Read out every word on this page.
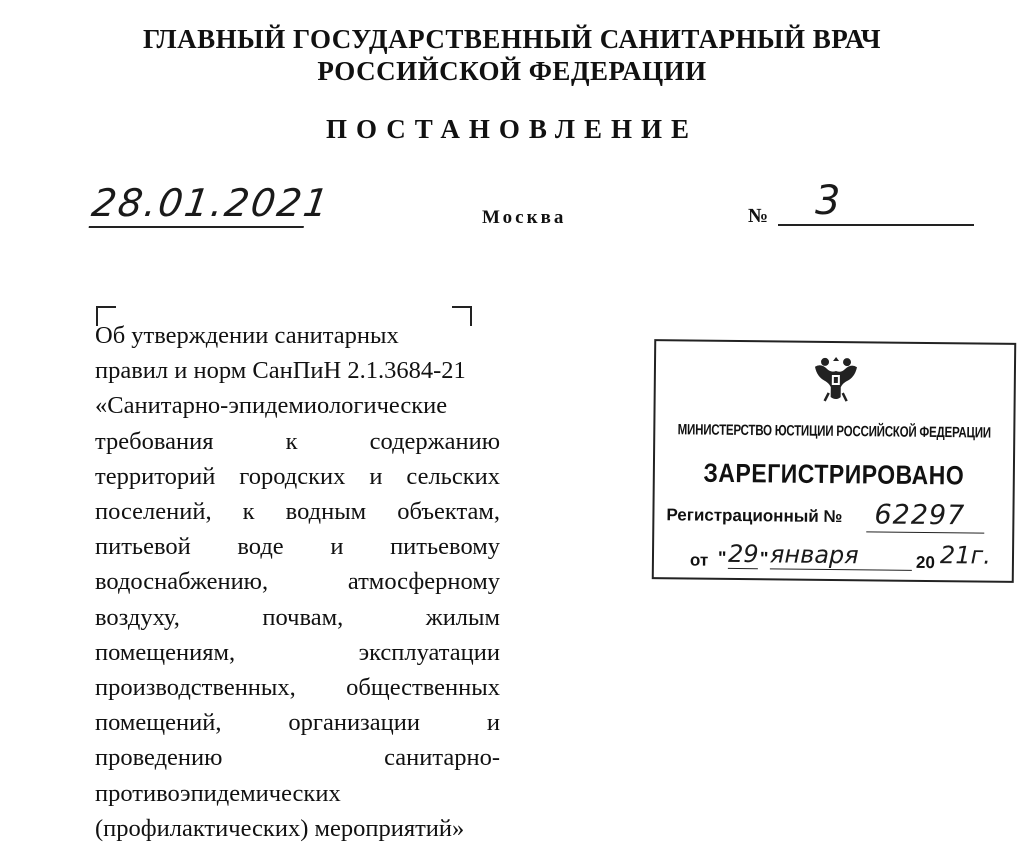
ГЛАВНЫЙ ГОСУДАРСТВЕННЫЙ САНИТАРНЫЙ ВРАЧ
РОССИЙСКОЙ ФЕДЕРАЦИИ
ПОСТАНОВЛЕНИЕ
28.01.2021	Москва	№ 3
Об утверждении санитарных
правил и норм СанПиН 2.1.3684-21
«Санитарно-эпидемиологические
требования к содержанию
территорий городских и сельских
поселений, к водным объектам,
питьевой воде и питьевому
водоснабжению, атмосферному
воздуху, почвам, жилым
помещениям, эксплуатации
производственных, общественных
помещений, организации и
проведению санитарно-
противоэпидемических
(профилактических) мероприятий»
МИНИСТЕРСТВО ЮСТИЦИИ РОССИЙСКОЙ ФЕДЕРАЦИИ
ЗАРЕГИСТРИРОВАНО
Регистрационный № 62297
от " 29 " января	20 21г.
